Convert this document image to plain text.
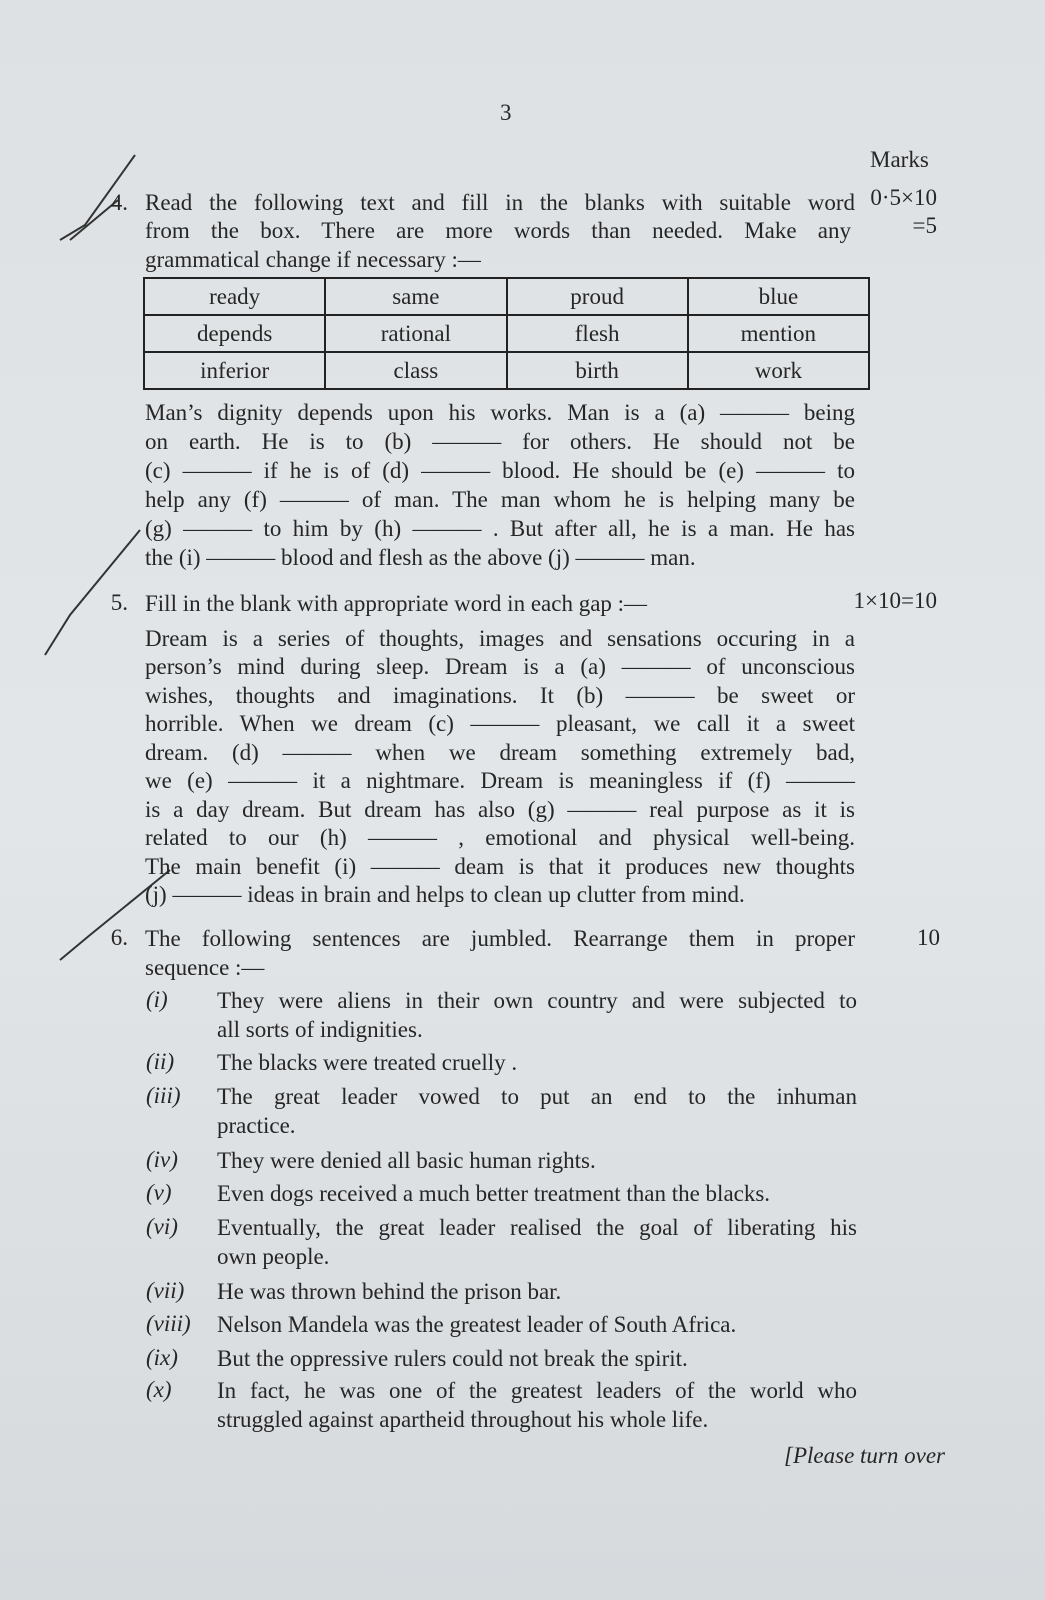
3
Marks
4. Read the following text and fill in the blanks with suitable word
from the box. There are more words than needed. Make any
grammatical change if necessary :—
0·5×10
=5
ready	same	proud	blue
depends	rational	flesh	mention
inferior	class	birth	work
Man’s dignity depends upon his works. Man is a (a) ——— being
on earth. He is to (b) ——— for others. He should not be
(c) ——— if he is of (d) ——— blood. He should be (e) ——— to
help any (f) ——— of man. The man whom he is helping many be
(g) ——— to him by (h) ——— . But after all, he is a man. He has
the (i) ——— blood and flesh as the above (j) ——— man.
5. Fill in the blank with appropriate word in each gap :—	1×10=10
Dream is a series of thoughts, images and sensations occuring in a
person’s mind during sleep. Dream is a (a) ——— of unconscious
wishes, thoughts and imaginations. It (b) ——— be sweet or
horrible. When we dream (c) ——— pleasant, we call it a sweet
dream. (d) ——— when we dream something extremely bad,
we (e) ——— it a nightmare. Dream is meaningless if (f) ———
is a day dream. But dream has also (g) ——— real purpose as it is
related to our (h) ——— , emotional and physical well-being.
The main benefit (i) ——— deam is that it produces new thoughts
(j) ——— ideas in brain and helps to clean up clutter from mind.
6. The following sentences are jumbled. Rearrange them in proper
sequence :—
10
(i) They were aliens in their own country and were subjected to
all sorts of indignities.
(ii) The blacks were treated cruelly .
(iii) The great leader vowed to put an end to the inhuman
practice.
(iv) They were denied all basic human rights.
(v) Even dogs received a much better treatment than the blacks.
(vi) Eventually, the great leader realised the goal of liberating his
own people.
(vii) He was thrown behind the prison bar.
(viii) Nelson Mandela was the greatest leader of South Africa.
(ix) But the oppressive rulers could not break the spirit.
(x) In fact, he was one of the greatest leaders of the world who
struggled against apartheid throughout his whole life.
[Please turn over
